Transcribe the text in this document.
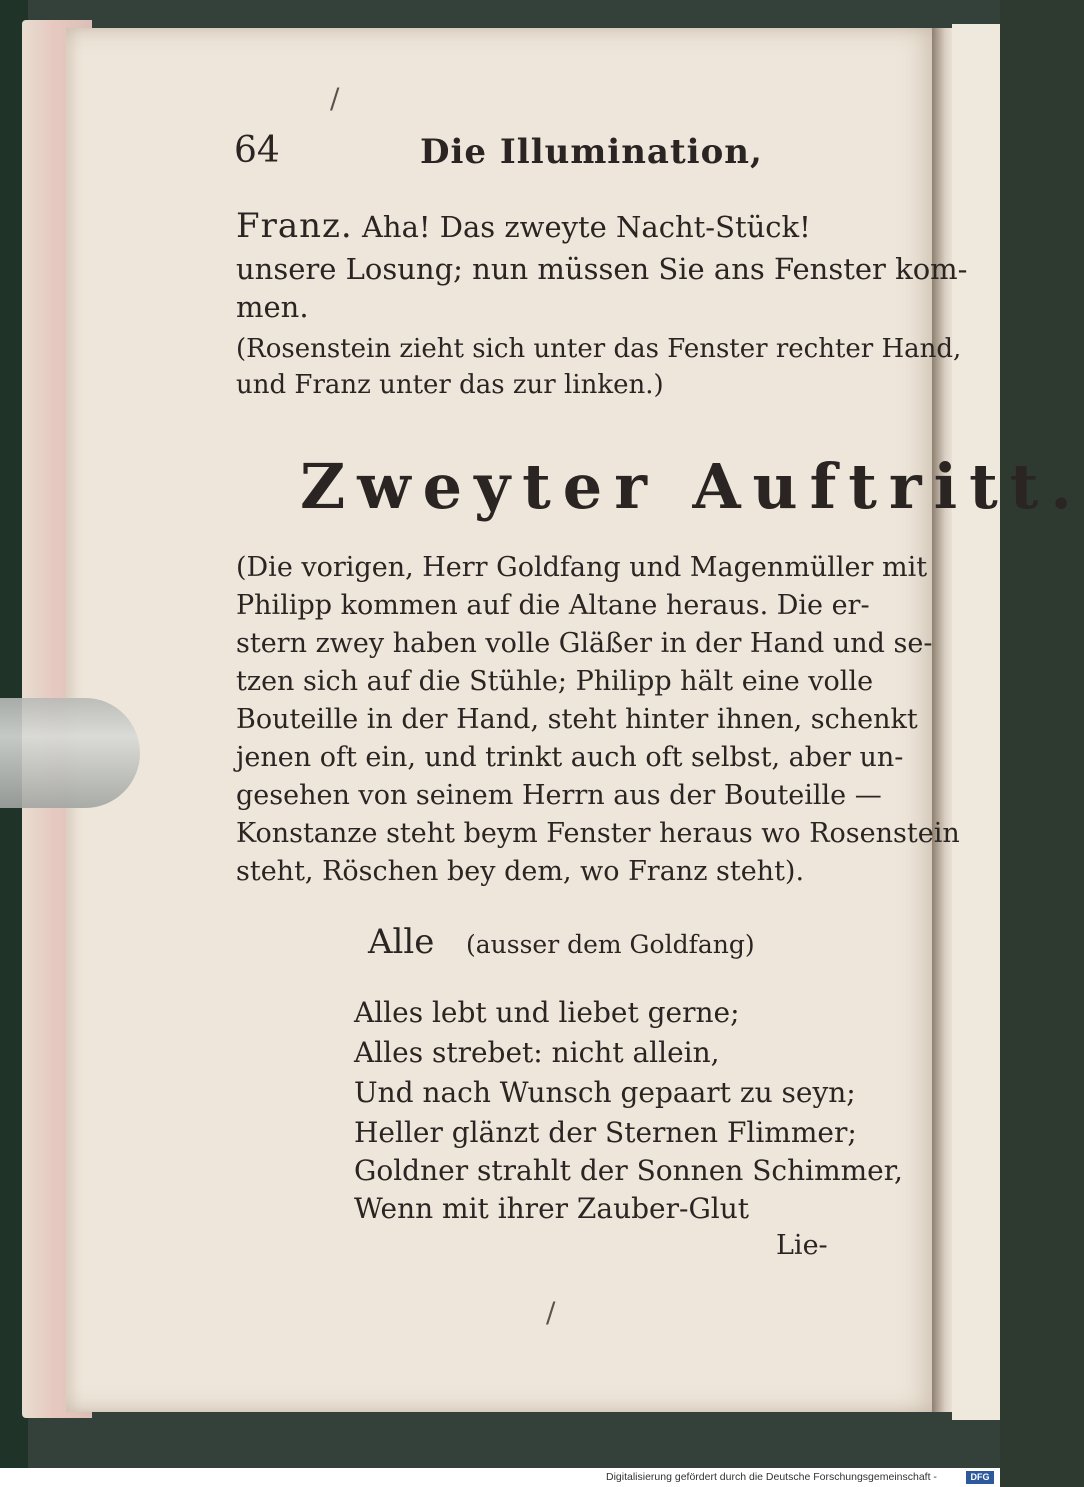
/
64	Die Illumination,
Franz. Aha! Das zweyte Nacht-Stück!
unsere Losung; nun müssen Sie ans Fenster kom-
men.
(Rosenstein zieht sich unter das Fenster rechter Hand,
und Franz unter das zur linken.)
Zweyter Auftritt.
(Die vorigen, Herr Goldfang und Magenmüller mit
Philipp kommen auf die Altane heraus. Die er-
stern zwey haben volle Gläßer in der Hand und se-
tzen sich auf die Stühle; Philipp hält eine volle
Bouteille in der Hand, steht hinter ihnen, schenkt
jenen oft ein, und trinkt auch oft selbst, aber un-
gesehen von seinem Herrn aus der Bouteille —
Konstanze steht beym Fenster heraus wo Rosenstein
steht, Röschen bey dem, wo Franz steht).
Alle (ausser dem Goldfang)
Alles lebt und liebet gerne;
Alles strebet: nicht allein,
Und nach Wunsch gepaart zu seyn;
Heller glänzt der Sternen Flimmer;
Goldner strahlt der Sonnen Schimmer,
Wenn mit ihrer Zauber-Glut
Lie-
/
Digitalisierung gefördert durch die Deutsche Forschungsgemeinschaft -	DFG
